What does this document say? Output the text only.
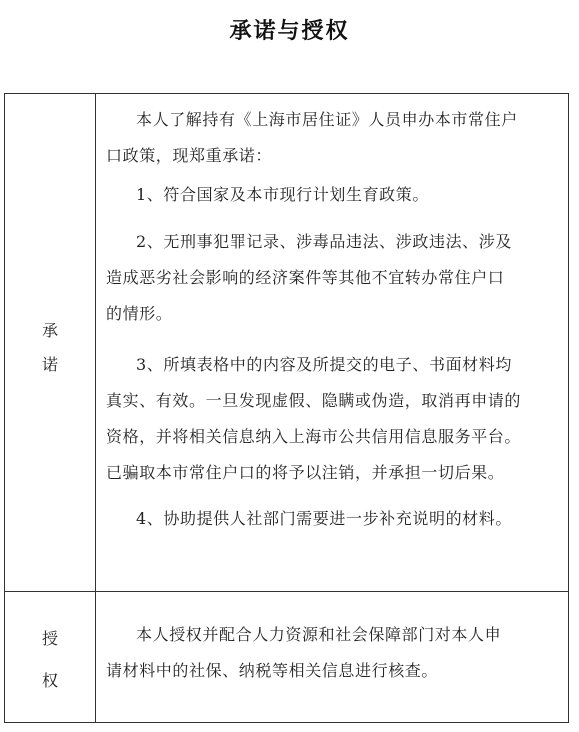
承诺与授权
承
诺
本人了解持有《上海市居住证》人员申办本市常住户
口政策，现郑重承诺：
1、符合国家及本市现行计划生育政策。
2、无刑事犯罪记录、涉毒品违法、涉政违法、涉及
造成恶劣社会影响的经济案件等其他不宜转办常住户口
的情形。
3、所填表格中的内容及所提交的电子、书面材料均
真实、有效。一旦发现虚假、隐瞒或伪造，取消再申请的
资格，并将相关信息纳入上海市公共信用信息服务平台。
已骗取本市常住户口的将予以注销，并承担一切后果。
4、协助提供人社部门需要进一步补充说明的材料。
授
权
本人授权并配合人力资源和社会保障部门对本人申
请材料中的社保、纳税等相关信息进行核查。
